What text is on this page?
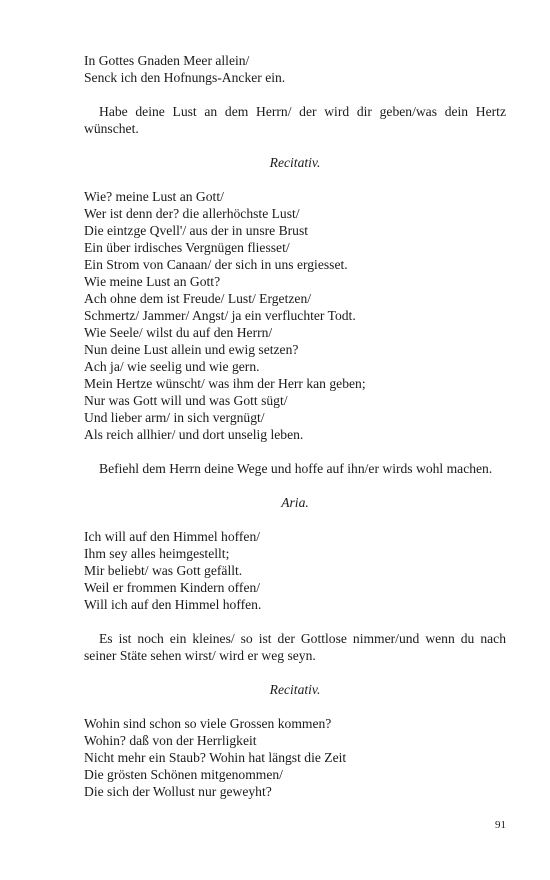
In Gottes Gnaden Meer allein/
Senck ich den Hofnungs-Ancker ein.

Habe deine Lust an dem Herrn/ der wird dir geben/was dein Hertz wünschet.

Recitativ.
Wie? meine Lust an Gott/
Wer ist denn der? die allerhöchste Lust/
Die eintzge Qvell'/ aus der in unsre Brust
Ein über irdisches Vergnügen fliesset/
Ein Strom von Canaan/ der sich in uns ergiesset.
Wie meine Lust an Gott?
Ach ohne dem ist Freude/ Lust/ Ergetzen/
Schmertz/ Jammer/ Angst/ ja ein verfluchter Todt.
Wie Seele/ wilst du auf den Herrn/
Nun deine Lust allein und ewig setzen?
Ach ja/ wie seelig und wie gern.
Mein Hertze wünscht/ was ihm der Herr kan geben;
Nur was Gott will und was Gott sügt/
Und lieber arm/ in sich vergnügt/
Als reich allhier/ und dort unselig leben.

Befiehl dem Herrn deine Wege und hoffe auf ihn/er wirds wohl machen.

Aria.
Ich will auf den Himmel hoffen/
Ihm sey alles heimgestellt;
Mir beliebt/ was Gott gefällt.
Weil er frommen Kindern offen/
Will ich auf den Himmel hoffen.

Es ist noch ein kleines/ so ist der Gottlose nimmer/und wenn du nach seiner Stäte sehen wirst/ wird er weg seyn.

Recitativ.
Wohin sind schon so viele Grossen kommen?
Wohin? daß von der Herrligkeit
Nicht mehr ein Staub? Wohin hat längst die Zeit
Die grösten Schönen mitgenommen/
Die sich der Wollust nur geweyht?
91
